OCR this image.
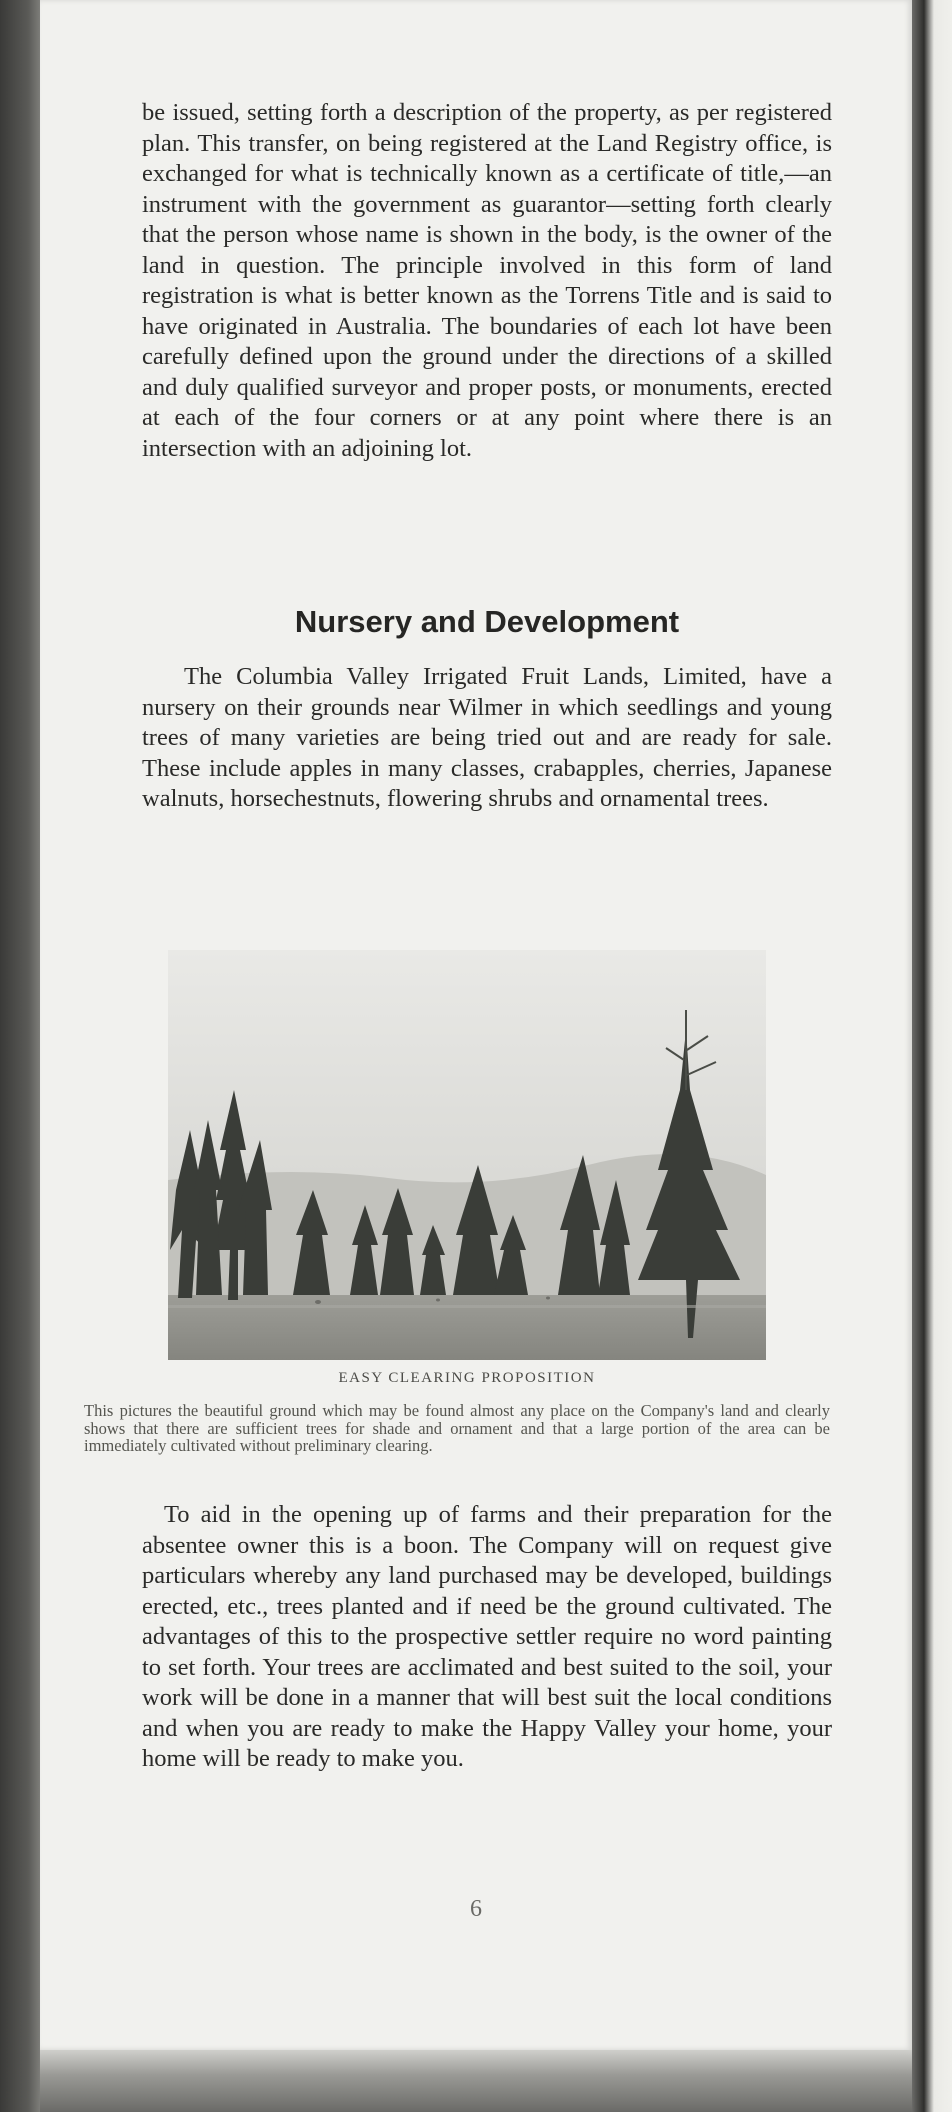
be issued, setting forth a description of the property, as per registered plan. This transfer, on being registered at the Land Registry office, is exchanged for what is technically known as a certificate of title,—an instrument with the government as guarantor—setting forth clearly that the person whose name is shown in the body, is the owner of the land in question. The principle involved in this form of land registration is what is better known as the Torrens Title and is said to have originated in Australia. The boundaries of each lot have been carefully defined upon the ground under the directions of a skilled and duly qualified surveyor and proper posts, or monuments, erected at each of the four corners or at any point where there is an intersection with an adjoining lot.
Nursery and Development
The Columbia Valley Irrigated Fruit Lands, Limited, have a nursery on their grounds near Wilmer in which seedlings and young trees of many varieties are being tried out and are ready for sale. These include apples in many classes, crabapples, cherries, Japanese walnuts, horsechestnuts, flowering shrubs and ornamental trees.
EASY CLEARING PROPOSITION
This pictures the beautiful ground which may be found almost any place on the Company's land and clearly shows that there are sufficient trees for shade and ornament and that a large portion of the area can be immediately cultivated without preliminary clearing.
To aid in the opening up of farms and their preparation for the absentee owner this is a boon. The Company will on request give particulars whereby any land purchased may be developed, buildings erected, etc., trees planted and if need be the ground cultivated. The advantages of this to the prospective settler require no word painting to set forth. Your trees are acclimated and best suited to the soil, your work will be done in a manner that will best suit the local conditions and when you are ready to make the Happy Valley your home, your home will be ready to make you.
6
